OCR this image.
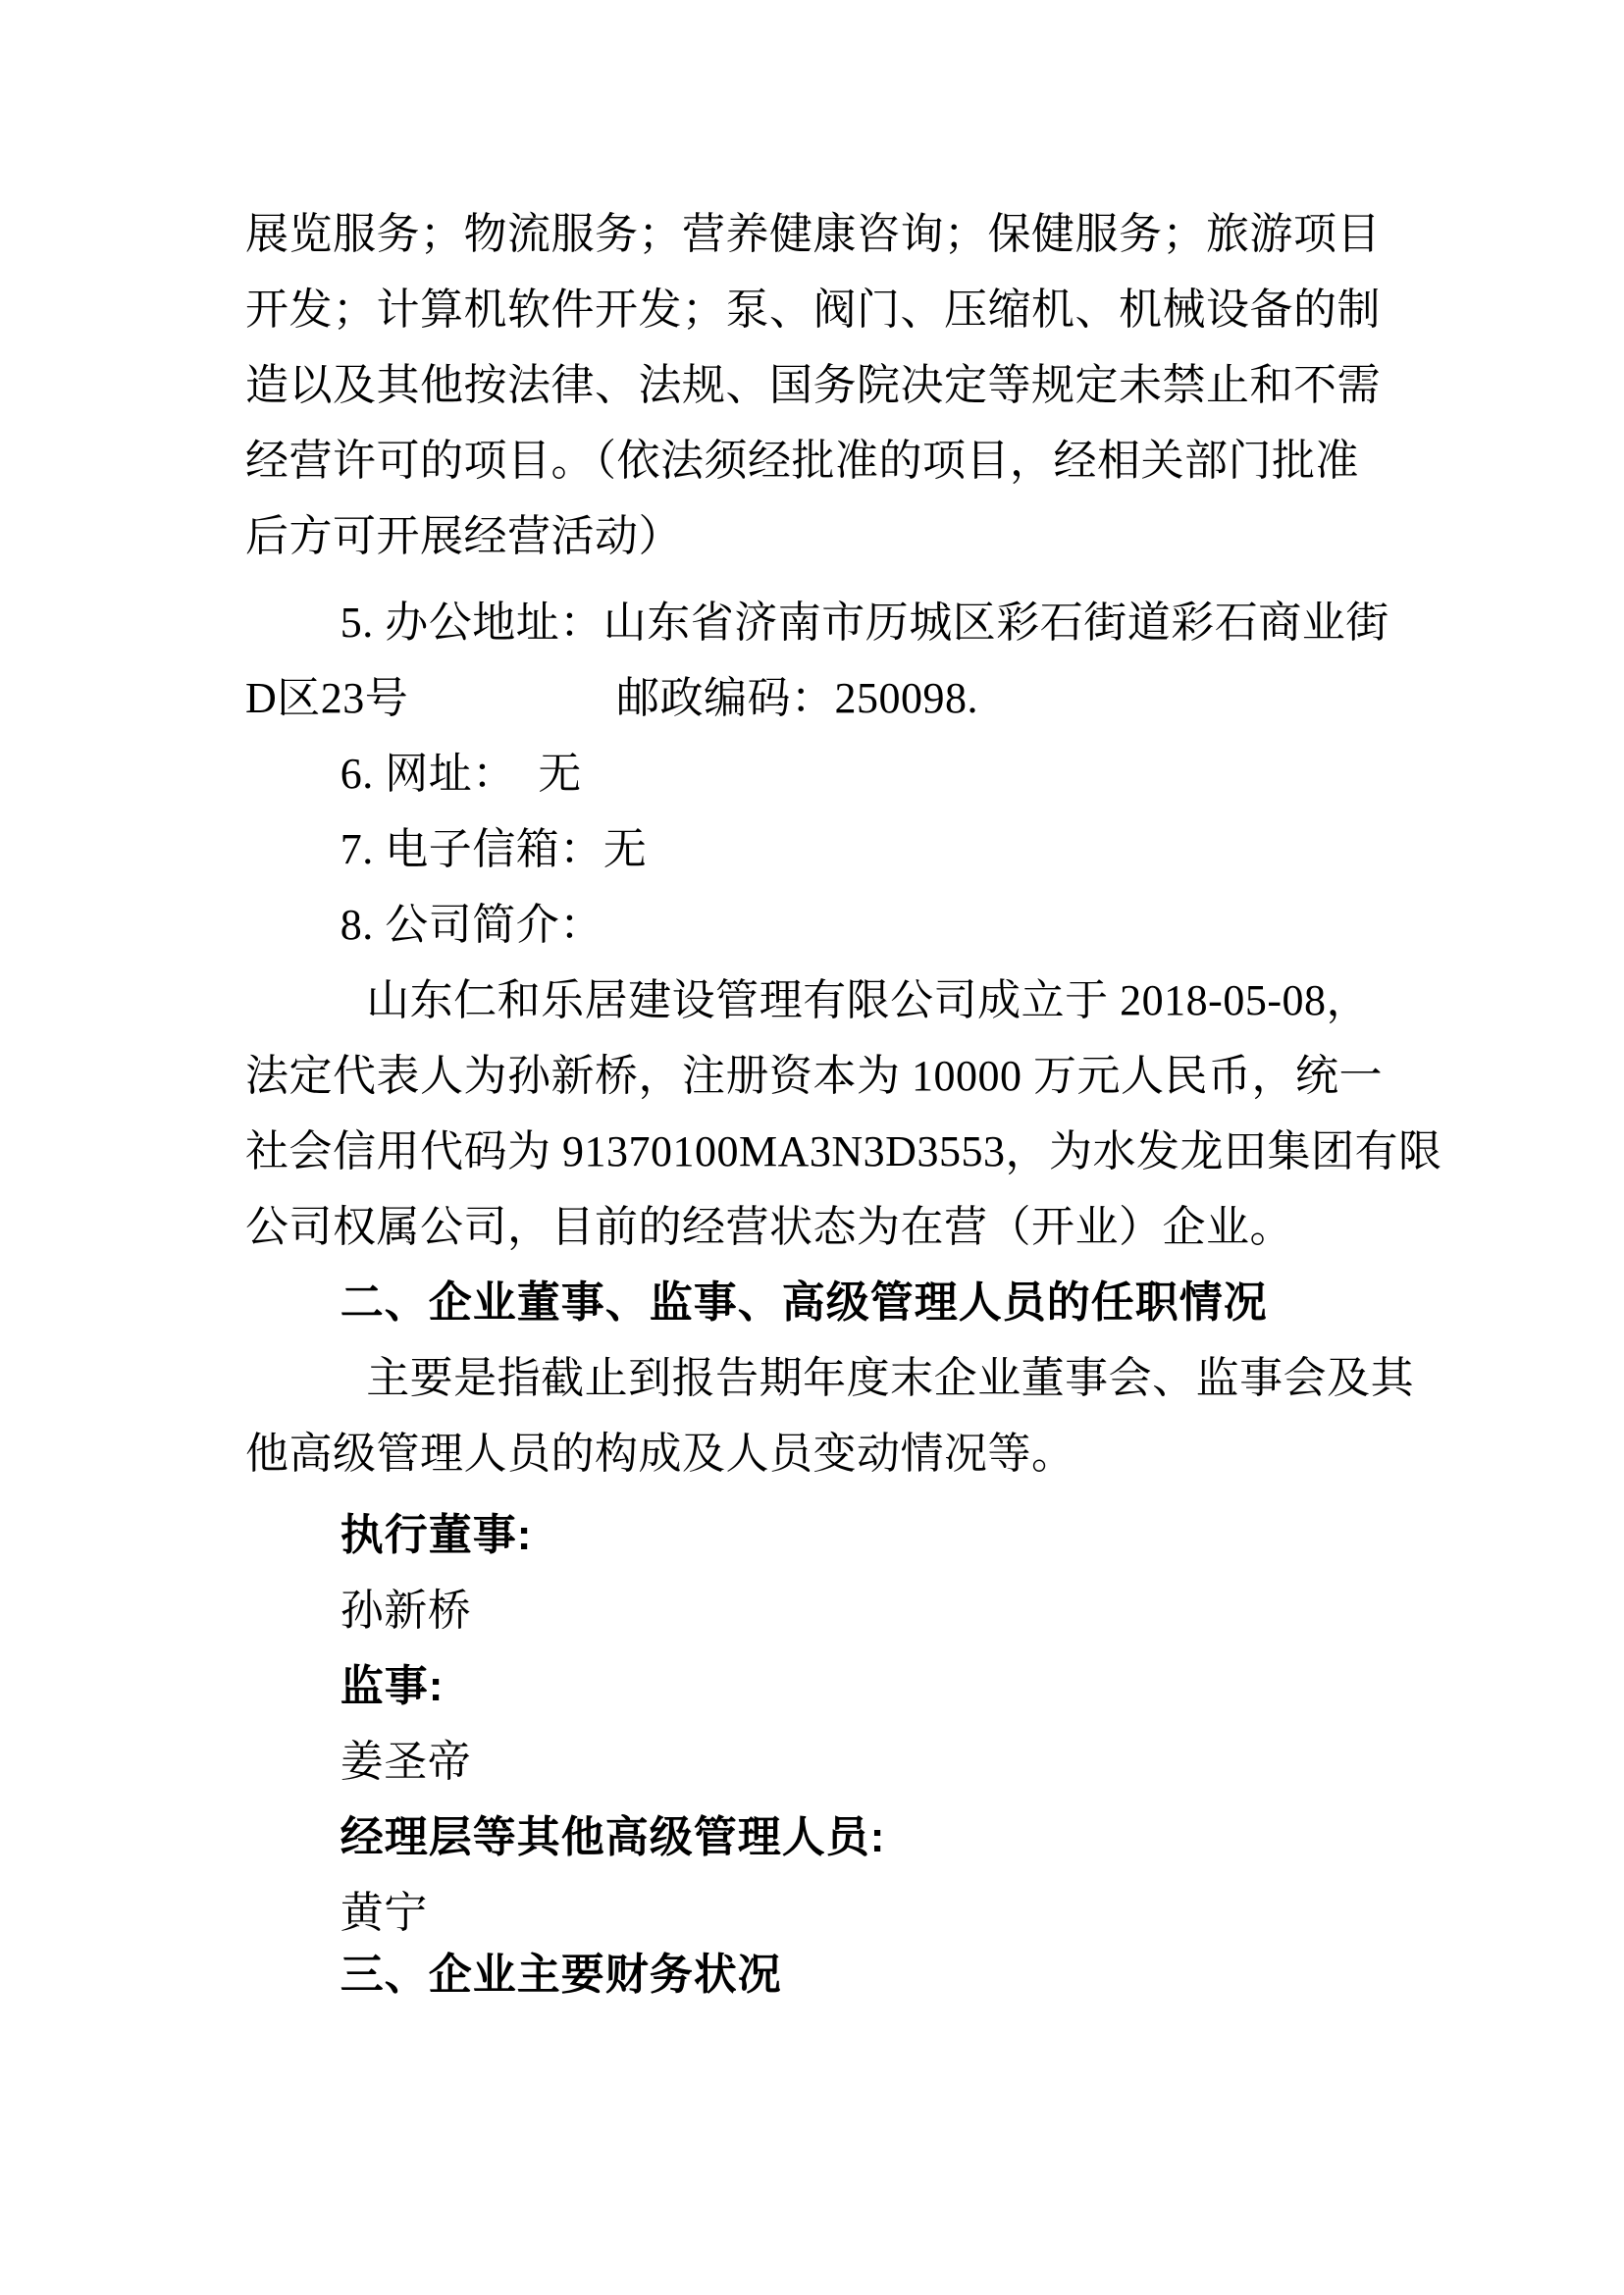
展览服务；物流服务；营养健康咨询；保健服务；旅游项目
开发；计算机软件开发；泵、阀门、压缩机、机械设备的制
造以及其他按法律、法规、国务院决定等规定未禁止和不需
经营许可的项目。（依法须经批准的项目，经相关部门批准
后方可开展经营活动）
5. 办公地址：山东省济南市历城区彩石街道彩石商业街
D区23号	邮政编码：250098.
6. 网址：　无
7. 电子信箱：无
8. 公司简介：
山东仁和乐居建设管理有限公司成立于 2018-05-08，
法定代表人为孙新桥，注册资本为 10000 万元人民币，统一
社会信用代码为 91370100MA3N3D3553，为水发龙田集团有限
公司权属公司，目前的经营状态为在营（开业）企业。
二、企业董事、监事、高级管理人员的任职情况
主要是指截止到报告期年度末企业董事会、监事会及其
他高级管理人员的构成及人员变动情况等。
执行董事:
孙新桥
监事:
姜圣帝
经理层等其他高级管理人员:
黄宁
三、企业主要财务状况
